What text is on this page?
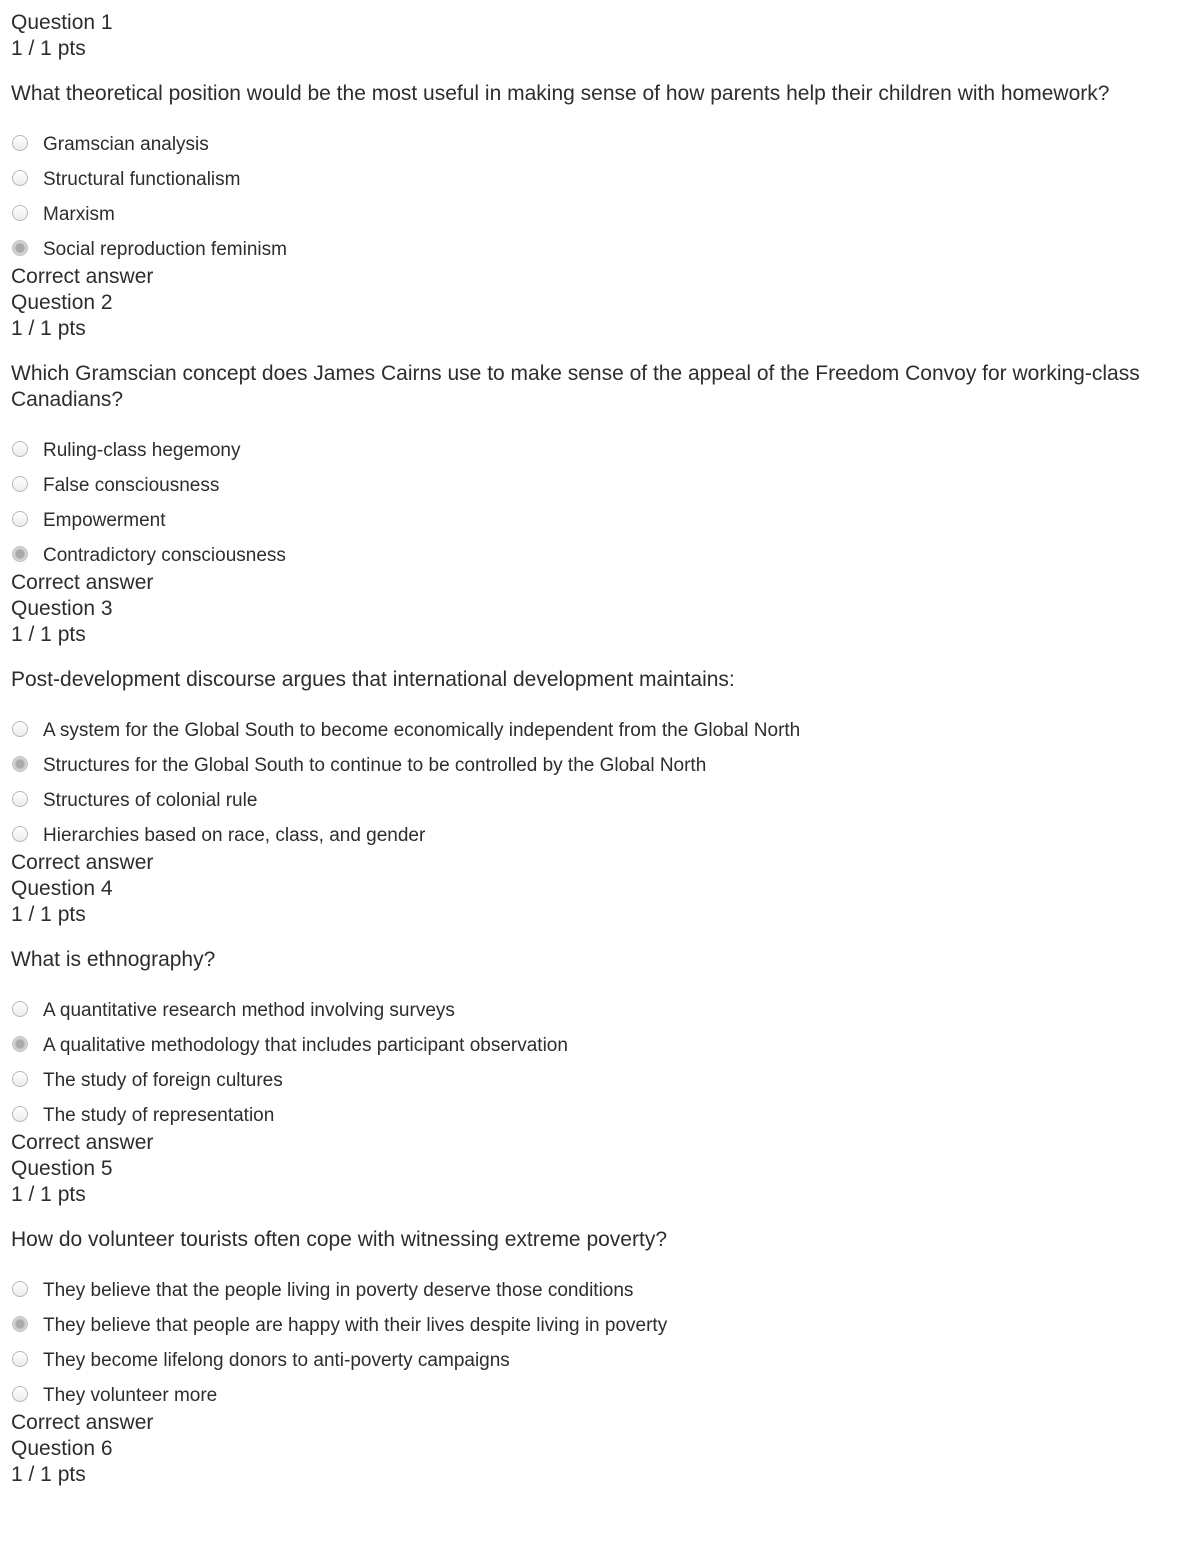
Question 1
1 / 1 pts
What theoretical position would be the most useful in making sense of how parents help their children with homework?
Gramscian analysis
Structural functionalism
Marxism
Social reproduction feminism
Correct answer
Question 2
1 / 1 pts
Which Gramscian concept does James Cairns use to make sense of the appeal of the Freedom Convoy for working-class Canadians?
Ruling-class hegemony
False consciousness
Empowerment
Contradictory consciousness
Correct answer
Question 3
1 / 1 pts
Post-development discourse argues that international development maintains:
A system for the Global South to become economically independent from the Global North
Structures for the Global South to continue to be controlled by the Global North
Structures of colonial rule
Hierarchies based on race, class, and gender
Correct answer
Question 4
1 / 1 pts
What is ethnography?
A quantitative research method involving surveys
A qualitative methodology that includes participant observation
The study of foreign cultures
The study of representation
Correct answer
Question 5
1 / 1 pts
How do volunteer tourists often cope with witnessing extreme poverty?
They believe that the people living in poverty deserve those conditions
They believe that people are happy with their lives despite living in poverty
They become lifelong donors to anti-poverty campaigns
They volunteer more
Correct answer
Question 6
1 / 1 pts
